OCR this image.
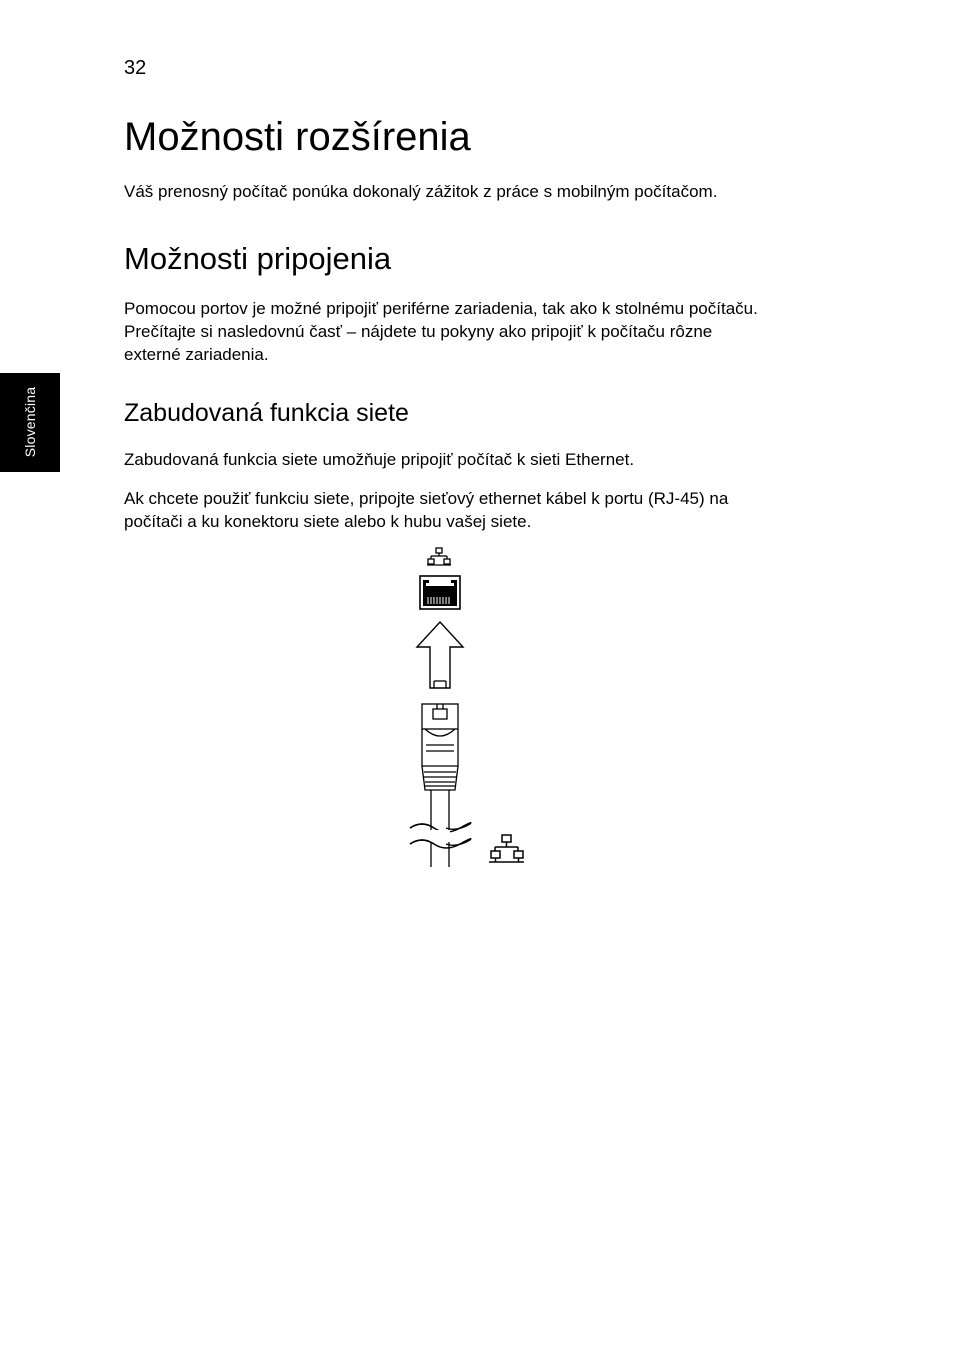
32
Slovenčina
Možnosti rozšírenia

Váš prenosný počítač ponúka dokonalý zážitok z práce s mobilným počítačom.

Možnosti pripojenia

Pomocou portov je možné pripojiť periférne zariadenia, tak ako k stolnému počítaču.
Prečítajte si nasledovnú časť – nájdete tu pokyny ako pripojiť k počítaču rôzne
externé zariadenia.

Zabudovaná funkcia siete

Zabudovaná funkcia siete umožňuje pripojiť počítač k sieti Ethernet.

Ak chcete použiť funkciu siete, pripojte sieťový ethernet kábel k portu (RJ-45) na
počítači a ku konektoru siete alebo k hubu vašej siete.
